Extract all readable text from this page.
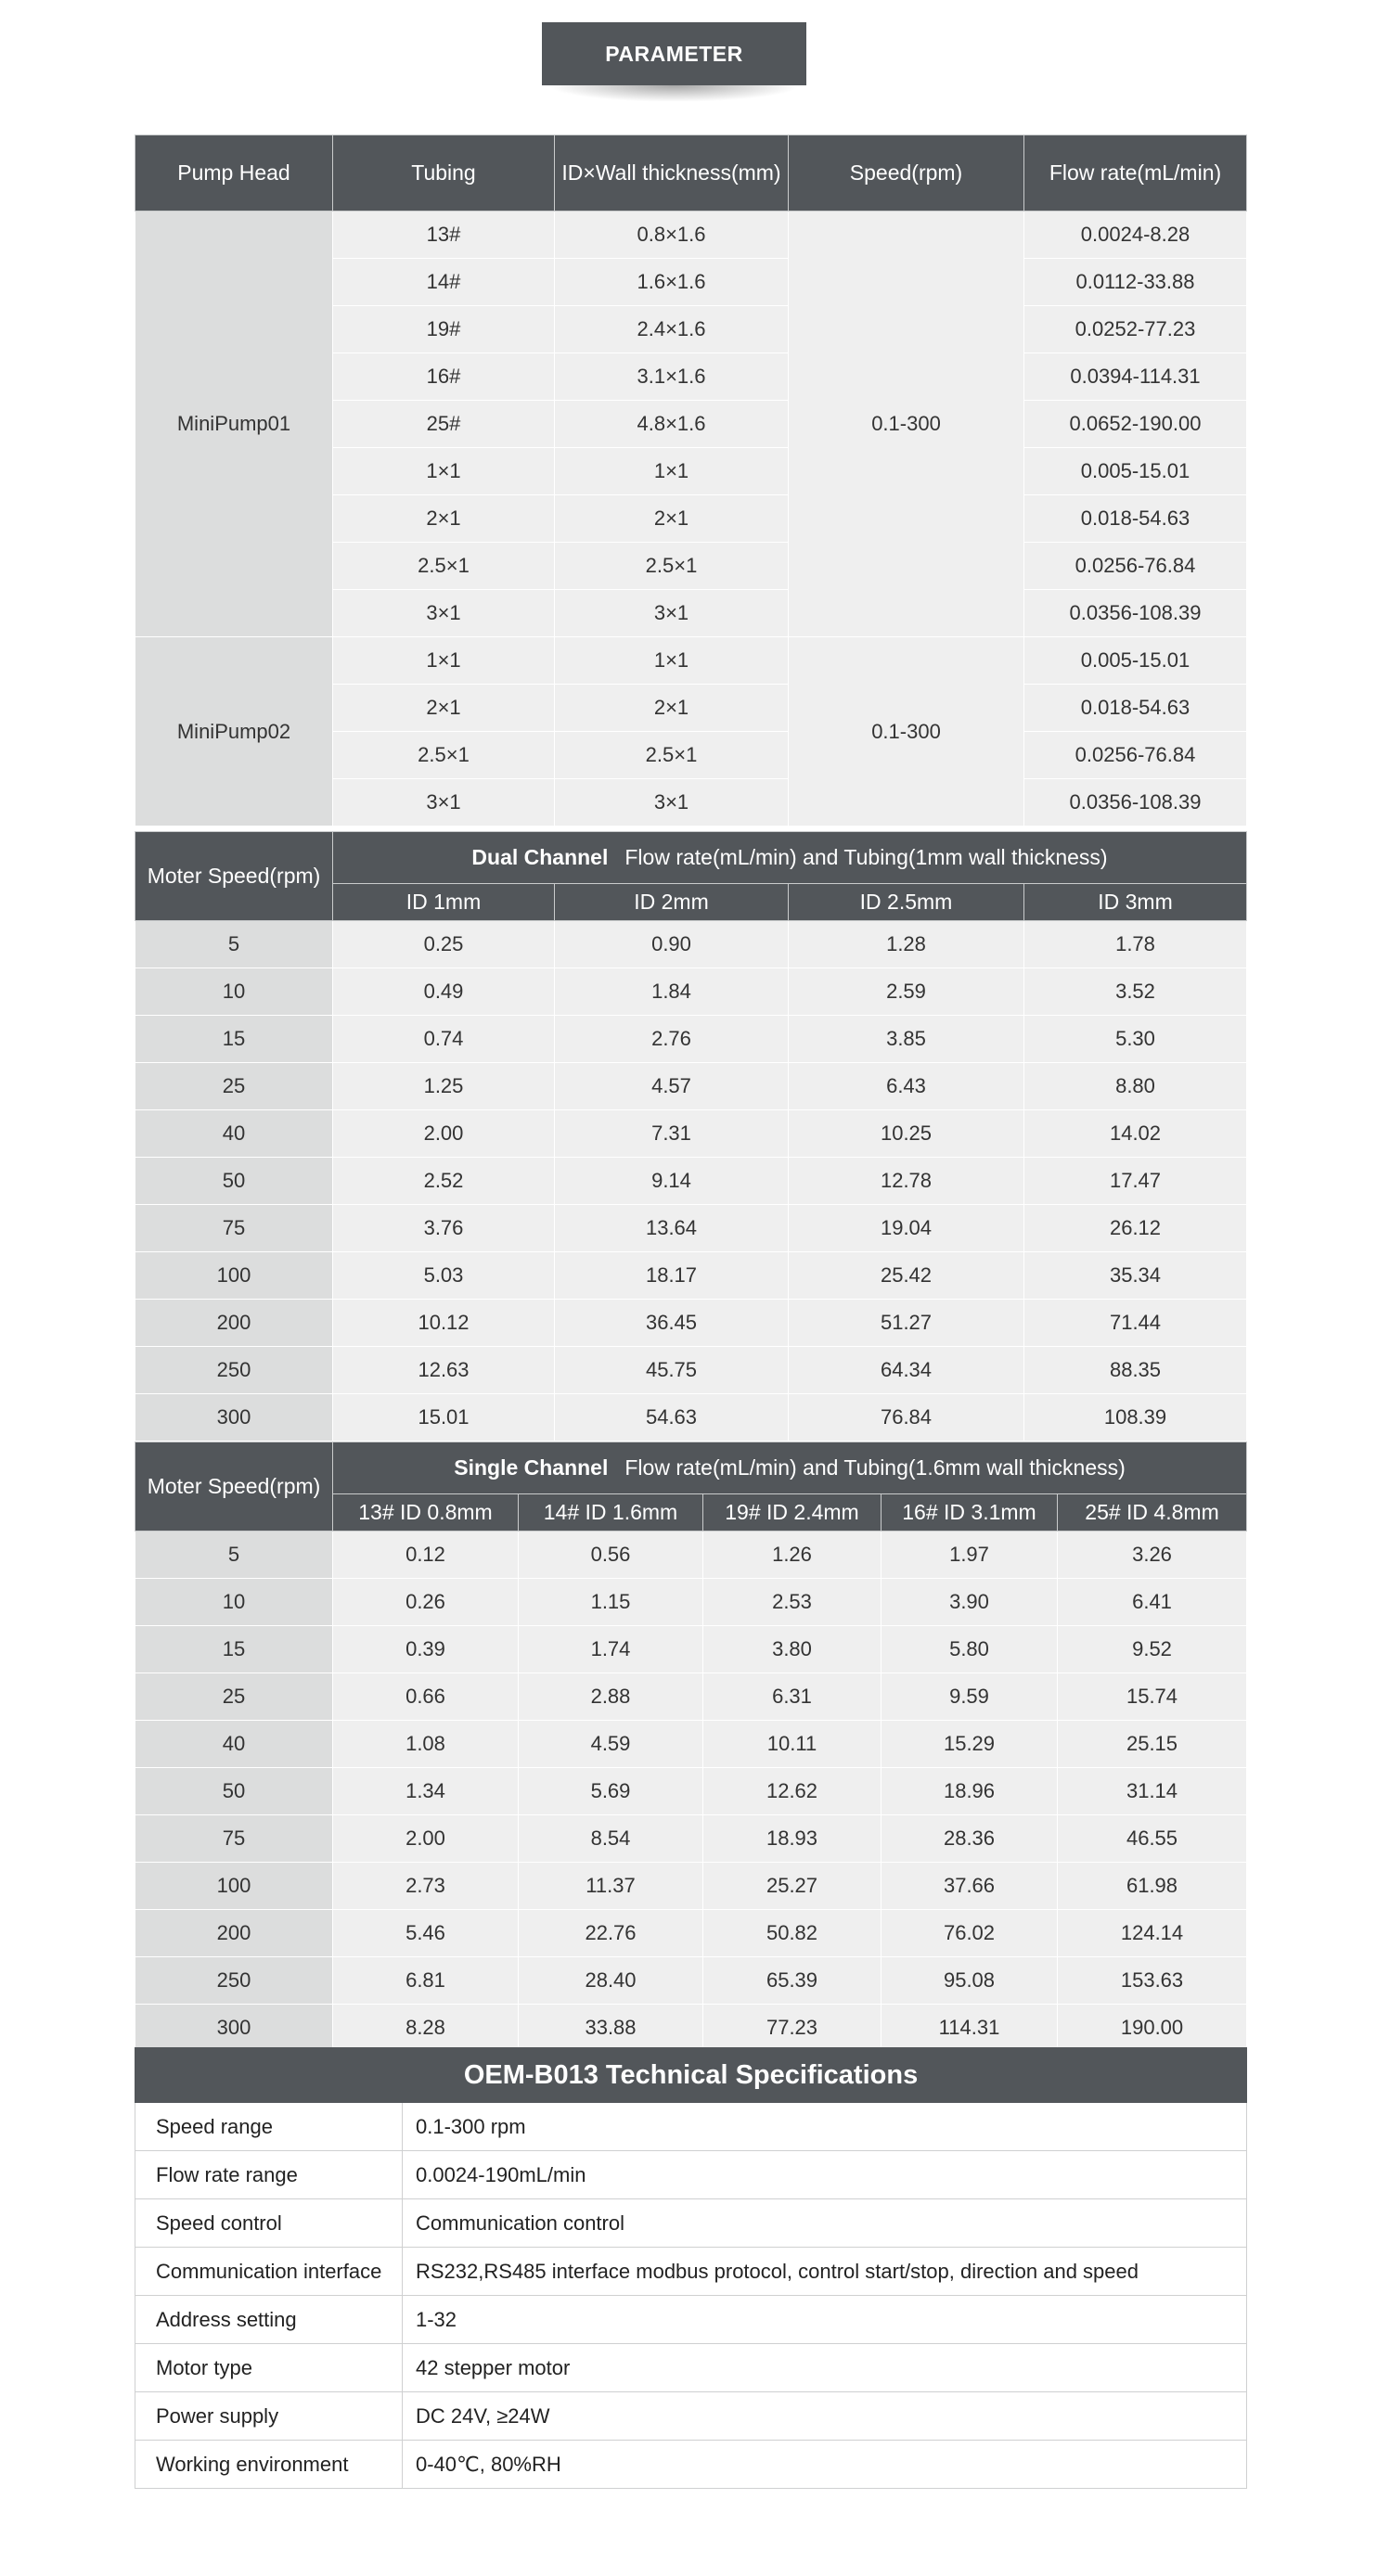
PARAMETER
Pump Head	Tubing	ID×Wall thickness(mm)	Speed(rpm)	Flow rate(mL/min)
MiniPump01	13#	0.8×1.6	0.1-300	0.0024-8.28
	14#	1.6×1.6		0.0112-33.88
	19#	2.4×1.6		0.0252-77.23
	16#	3.1×1.6		0.0394-114.31
	25#	4.8×1.6		0.0652-190.00
	1×1	1×1		0.005-15.01
	2×1	2×1		0.018-54.63
	2.5×1	2.5×1		0.0256-76.84
	3×1	3×1		0.0356-108.39
MiniPump02	1×1	1×1	0.1-300	0.005-15.01
	2×1	2×1		0.018-54.63
	2.5×1	2.5×1		0.0256-76.84
	3×1	3×1		0.0356-108.39
Moter Speed(rpm)	Dual Channel Flow rate(mL/min) and Tubing(1mm wall thickness)			
	ID 1mm	ID 2mm	ID 2.5mm	ID 3mm
5	0.25	0.90	1.28	1.78
10	0.49	1.84	2.59	3.52
15	0.74	2.76	3.85	5.30
25	1.25	4.57	6.43	8.80
40	2.00	7.31	10.25	14.02
50	2.52	9.14	12.78	17.47
75	3.76	13.64	19.04	26.12
100	5.03	18.17	25.42	35.34
200	10.12	36.45	51.27	71.44
250	12.63	45.75	64.34	88.35
300	15.01	54.63	76.84	108.39
Moter Speed(rpm)	Single Channel Flow rate(mL/min) and Tubing(1.6mm wall thickness)				
	13# ID 0.8mm	14# ID 1.6mm	19# ID 2.4mm	16# ID 3.1mm	25# ID 4.8mm
5	0.12	0.56	1.26	1.97	3.26
10	0.26	1.15	2.53	3.90	6.41
15	0.39	1.74	3.80	5.80	9.52
25	0.66	2.88	6.31	9.59	15.74
40	1.08	4.59	10.11	15.29	25.15
50	1.34	5.69	12.62	18.96	31.14
75	2.00	8.54	18.93	28.36	46.55
100	2.73	11.37	25.27	37.66	61.98
200	5.46	22.76	50.82	76.02	124.14
250	6.81	28.40	65.39	95.08	153.63
300	8.28	33.88	77.23	114.31	190.00
OEM-B013 Technical Specifications	
Speed range	0.1-300 rpm
Flow rate range	0.0024-190mL/min
Speed control	Communication control
Communication interface	RS232,RS485 interface modbus protocol, control start/stop, direction and speed
Address setting	1-32
Motor type	42 stepper motor
Power supply	DC 24V, ≥24W
Working environment	0-40℃, 80%RH
